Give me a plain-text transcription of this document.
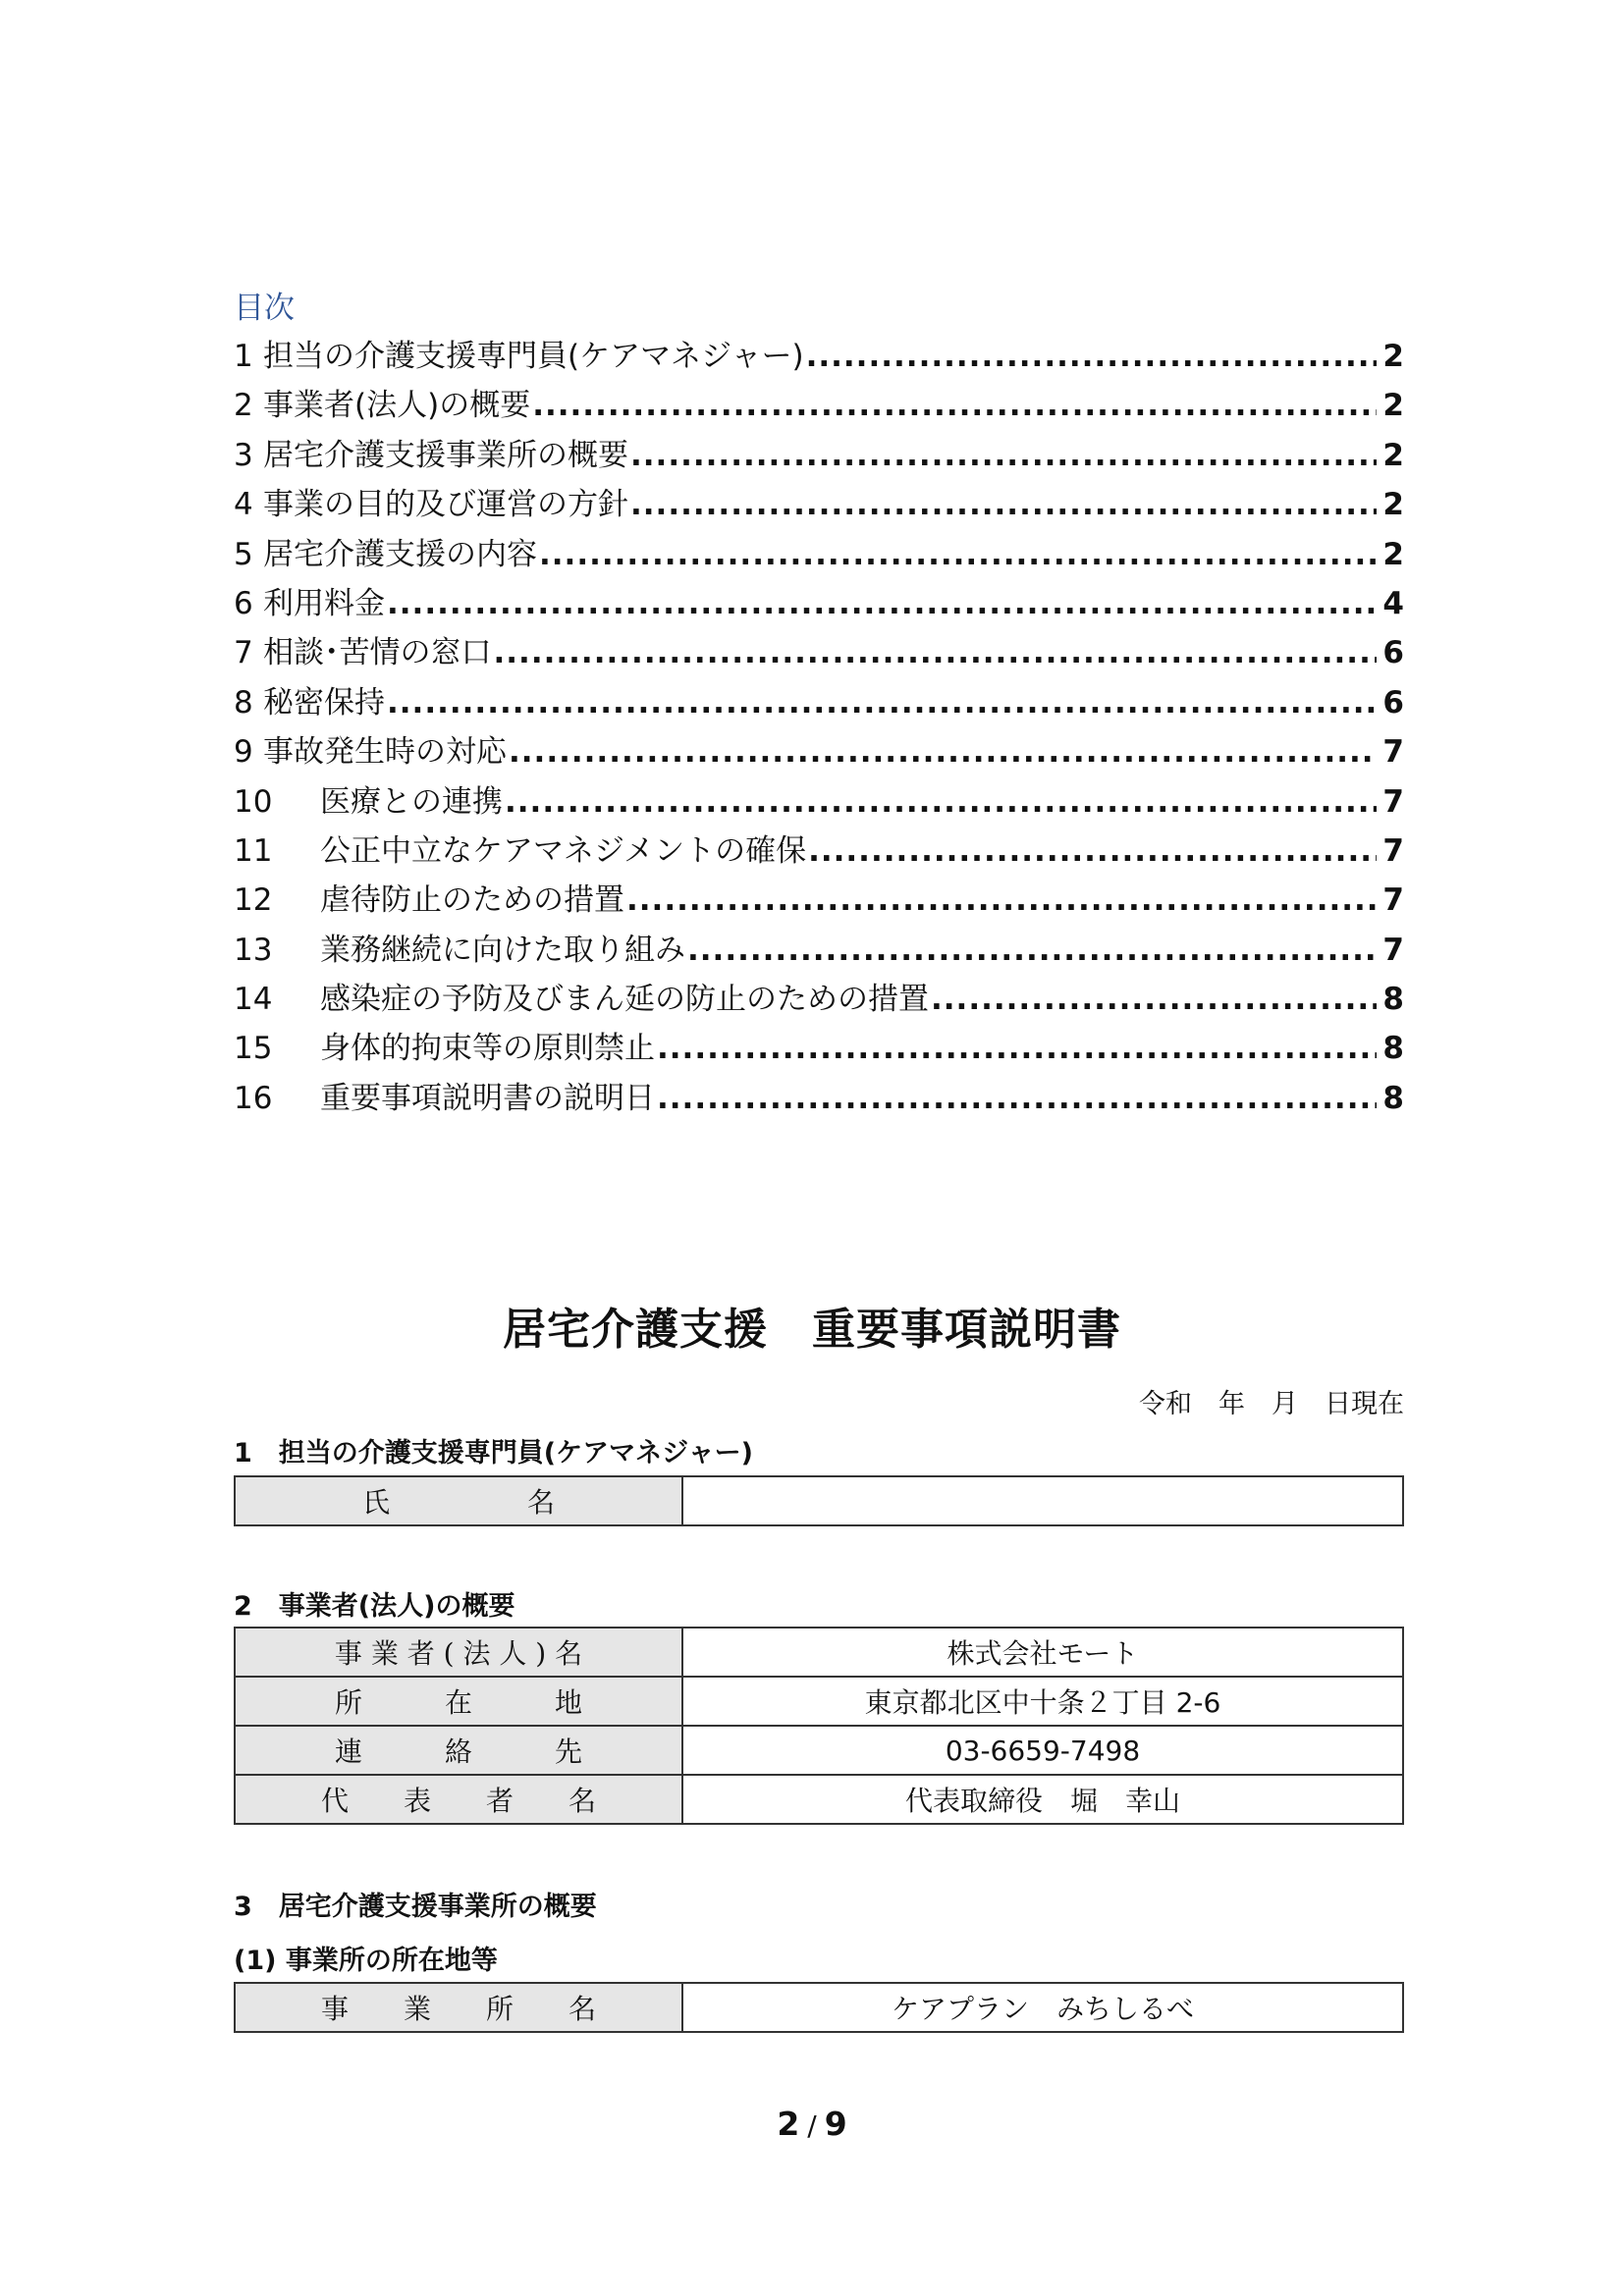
目次
1 担当の介護支援専門員(ケアマネジャー) .....	2
2 事業者(法人)の概要 .....	2
3 居宅介護支援事業所の概要 .....	2
4 事業の目的及び運営の方針 .....	2
5 居宅介護支援の内容 .....	2
6 利用料金 .....	4
7 相談･苦情の窓口 .....	6
8 秘密保持 .....	6
9 事故発生時の対応 .....	7
10	医療との連携 .....	7
11	公正中立なケアマネジメントの確保 .....	7
12	虐待防止のための措置 .....	7
13	業務継続に向けた取り組み .....	7
14	感染症の予防及びまん延の防止のための措置 .....	8
15	身体的拘束等の原則禁止 .....	8
16	重要事項説明書の説明日 .....	8
居宅介護支援　重要事項説明書
令和　年　月　日現在
1　担当の介護支援専門員(ケアマネジャー)
氏　　　　　名	
2　事業者(法人)の概要
事 業 者 ( 法 人 ) 名	株式会社モート
所　　　在　　　地	東京都北区中十条２丁目 2-6
連　　　絡　　　先	03-6659-7498
代　　表　　者　　名	代表取締役　堀　幸山
3　居宅介護支援事業所の概要
(1) 事業所の所在地等
事　　業　　所　　名	ケアプラン　みちしるべ
2 / 9
